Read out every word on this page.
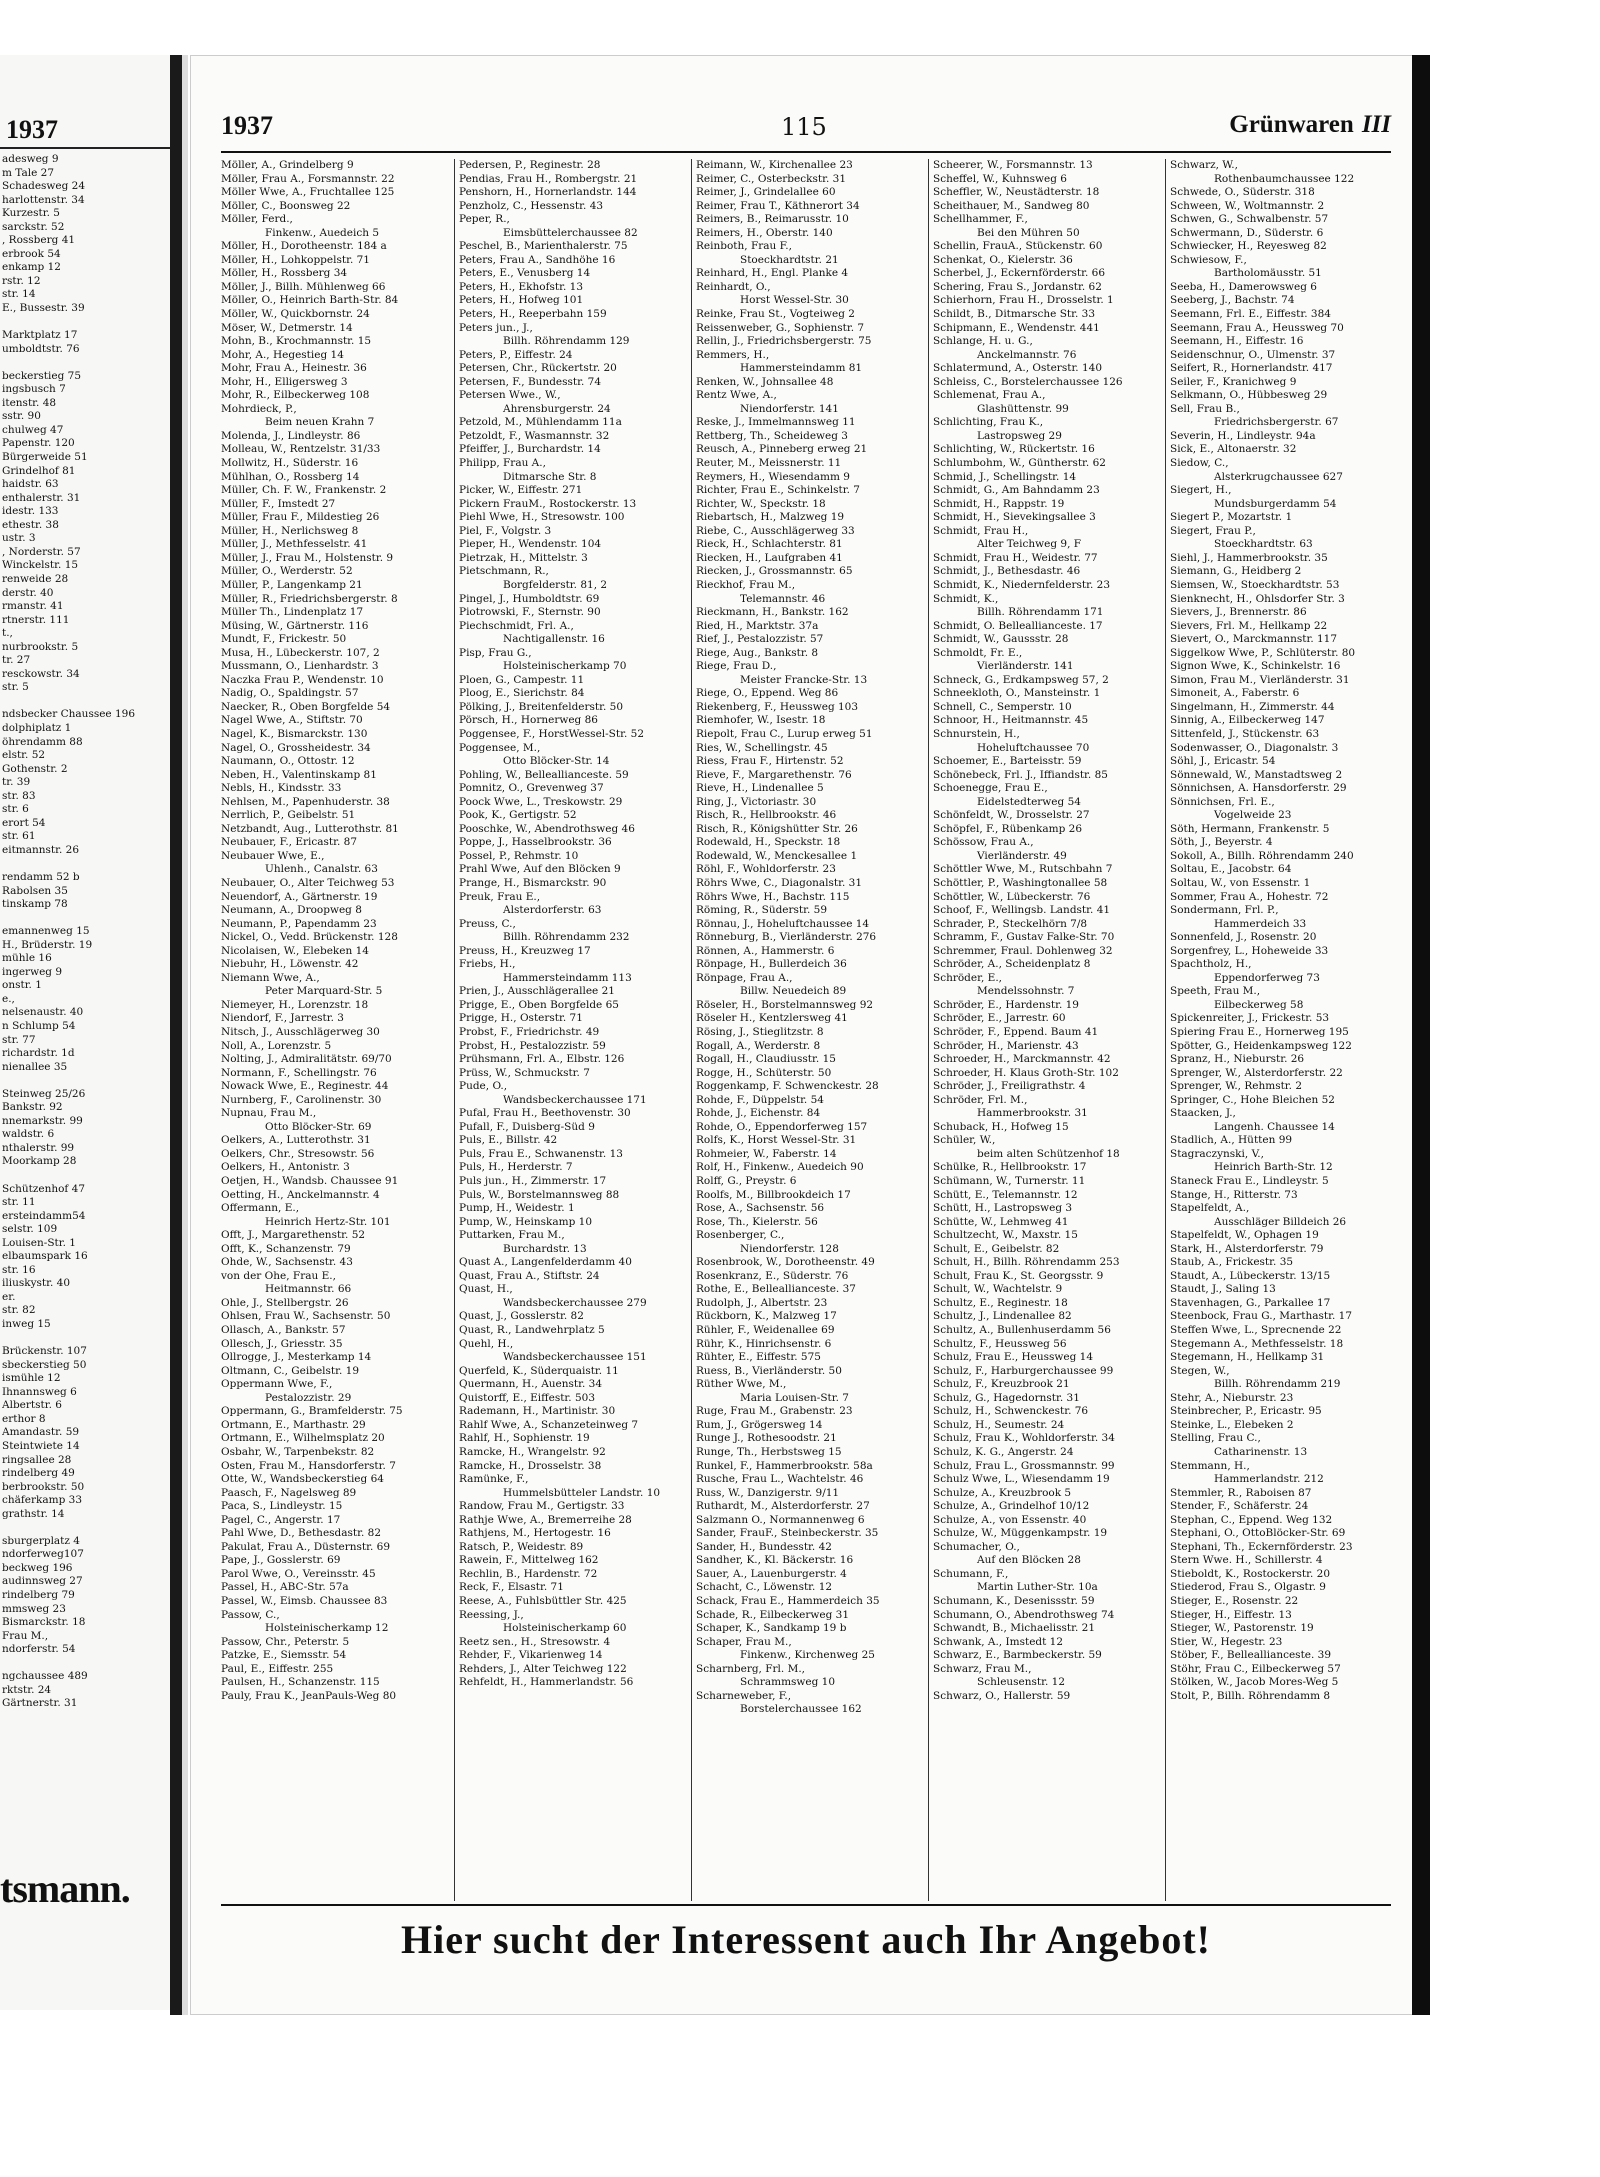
1937
adesweg 9
m Tale 27
Schadesweg 24
harlottenstr. 34
Kurzestr. 5
sarckstr. 52
, Rossberg 41
erbrook 54
enkamp 12
rstr. 12
str. 14
E., Bussestr. 39
Marktplatz 17
umboldtstr. 76
beckerstieg 75
ingsbusch 7
itenstr. 48
sstr. 90
chulweg 47
Papenstr. 120
Bürgerweide 51
Grindelhof 81
haidstr. 63
enthalerstr. 31
idestr. 133
ethestr. 38
ustr. 3
, Norderstr. 57
Winckelstr. 15
renweide 28
derstr. 40
rmanstr. 41
rtnerstr. 111
t.,
nurbrookstr. 5
tr. 27
resckowstr. 34
str. 5
ndsbecker Chaussee 196
dolphiplatz 1
öhrendamm 88
elstr. 52
Gothenstr. 2
tr. 39
str. 83
str. 6
erort 54
str. 61
eitmannstr. 26
rendamm 52 b
Rabolsen 35
tinskamp 78
emannenweg 15
H., Brüderstr. 19
mühle 16
ingerweg 9
onstr. 1
e.,
nelsenaustr. 40
n Schlump 54
str. 77
richardstr. 1d
nienallee 35
Steinweg 25/26
Bankstr. 92
nnemarkstr. 99
waldstr. 6
nthalerstr. 99
Moorkamp 28
Schützenhof 47
str. 11
ersteindamm54
selstr. 109
Louisen-Str. 1
elbaumspark 16
str. 16
iliuskystr. 40
er.
str. 82
inweg 15
Brückenstr. 107
sbeckerstieg 50
ismühle 12
Ihnannsweg 6
Albertstr. 6
erthor 8
Amandastr. 59
Steintwiete 14
ringsallee 28
rindelberg 49
berbrookstr. 50
chäferkamp 33
grathstr. 14
sburgerplatz 4
ndorferweg107
beckweg 196
audinnsweg 27
rindelberg 79
mmsweg 23
Bismarckstr. 18
Frau M.,
ndorferstr. 54
ngchaussee 489
rktstr. 24
Gärtnerstr. 31
tsmann.
1937	115	Grünwaren III
Möller, A., Grindelberg 9
Möller, Frau A., Forsmannstr. 22
Möller Wwe, A., Fruchtallee 125
Möller, C., Boonsweg 22
Möller, Ferd.,
Finkenw., Auedeich 5
Möller, H., Dorotheenstr. 184 a
Möller, H., Lohkoppelstr. 71
Möller, H., Rossberg 34
Möller, J., Billh. Mühlenweg 66
Möller, O., Heinrich Barth-Str. 84
Möller, W., Quickbornstr. 24
Möser, W., Detmerstr. 14
Mohn, B., Krochmannstr. 15
Mohr, A., Hegestieg 14
Mohr, Frau A., Heinestr. 36
Mohr, H., Elligersweg 3
Mohr, R., Eilbeckerweg 108
Mohrdieck, P.,
Beim neuen Krahn 7
Molenda, J., Lindleystr. 86
Molleau, W., Rentzelstr. 31/33
Mollwitz, H., Süderstr. 16
Mühlhan, O., Rossberg 14
Müller, Ch. F. W., Frankenstr. 2
Müller, F., Imstedt 27
Müller, Frau F., Mildestieg 26
Müller, H., Nerlichsweg 8
Müller, J., Methfesselstr. 41
Müller, J., Frau M., Holstenstr. 9
Müller, O., Werderstr. 52
Müller, P., Langenkamp 21
Müller, R., Friedrichsbergerstr. 8
Müller Th., Lindenplatz 17
Müsing, W., Gärtnerstr. 116
Mundt, F., Frickestr. 50
Musa, H., Lübeckerstr. 107, 2
Mussmann, O., Lienhardstr. 3
Naczka Frau P., Wendenstr. 10
Nadig, O., Spaldingstr. 57
Naecker, R., Oben Borgfelde 54
Nagel Wwe, A., Stiftstr. 70
Nagel, K., Bismarckstr. 130
Nagel, O., Grossheidestr. 34
Naumann, O., Ottostr. 12
Neben, H., Valentinskamp 81
Nebls, H., Kindsstr. 33
Nehlsen, M., Papenhuderstr. 38
Nerrlich, P., Geibelstr. 51
Netzbandt, Aug., Lutterothstr. 81
Neubauer, F., Ericastr. 87
Neubauer Wwe, E.,
Uhlenh., Canalstr. 63
Neubauer, O., Alter Teichweg 53
Neuendorf, A., Gärtnerstr. 19
Neumann, A., Droopweg 8
Neumann, P., Papendamm 23
Nickel, O., Vedd. Brückenstr. 128
Nicolaisen, W., Elebeken 14
Niebuhr, H., Löwenstr. 42
Niemann Wwe, A.,
Peter Marquard-Str. 5
Niemeyer, H., Lorenzstr. 18
Niendorf, F., Jarrestr. 3
Nitsch, J., Ausschlägerweg 30
Noll, A., Lorenzstr. 5
Nolting, J., Admiralitätstr. 69/70
Normann, F., Schellingstr. 76
Nowack Wwe, E., Reginestr. 44
Nurnberg, F., Carolinenstr. 30
Nupnau, Frau M.,
Otto Blöcker-Str. 69
Oelkers, A., Lutterothstr. 31
Oelkers, Chr., Stresowstr. 56
Oelkers, H., Antonistr. 3
Oetjen, H., Wandsb. Chaussee 91
Oetting, H., Anckelmannstr. 4
Offermann, E.,
Heinrich Hertz-Str. 101
Offt, J., Margarethenstr. 52
Offt, K., Schanzenstr. 79
Ohde, W., Sachsenstr. 43
von der Ohe, Frau E.,
Heitmannstr. 66
Ohle, J., Stellbergstr. 26
Ohlsen, Frau W., Sachsenstr. 50
Ollasch, A., Bankstr. 57
Ollesch, J., Griesstr. 35
Ollrogge, J., Mesterkamp 14
Oltmann, C., Geibelstr. 19
Oppermann Wwe, F.,
Pestalozzistr. 29
Oppermann, G., Bramfelderstr. 75
Ortmann, E., Marthastr. 29
Ortmann, E., Wilhelmsplatz 20
Osbahr, W., Tarpenbekstr. 82
Osten, Frau M., Hansdorferstr. 7
Otte, W., Wandsbeckerstieg 64
Paasch, F., Nagelsweg 89
Paca, S., Lindleystr. 15
Pagel, C., Angerstr. 17
Pahl Wwe, D., Bethesdastr. 82
Pakulat, Frau A., Düsternstr. 69
Pape, J., Gosslerstr. 69
Parol Wwe, O., Vereinsstr. 45
Passel, H., ABC-Str. 57a
Passel, W., Eimsb. Chaussee 83
Passow, C.,
Holsteinischerkamp 12
Passow, Chr., Peterstr. 5
Patzke, E., Siemsstr. 54
Paul, E., Eiffestr. 255
Paulsen, H., Schanzenstr. 115
Pauly, Frau K., JeanPauls-Weg 80
Pedersen, P., Reginestr. 28
Pendias, Frau H., Rombergstr. 21
Penshorn, H., Hornerlandstr. 144
Penzholz, C., Hessenstr. 43
Peper, R.,
Eimsbüttelerchaussee 82
Peschel, B., Marienthalerstr. 75
Peters, Frau A., Sandhöhe 16
Peters, E., Venusberg 14
Peters, H., Ekhofstr. 13
Peters, H., Hofweg 101
Peters, H., Reeperbahn 159
Peters jun., J.,
Billh. Röhrendamm 129
Peters, P., Eiffestr. 24
Petersen, Chr., Rückertstr. 20
Petersen, F., Bundesstr. 74
Petersen Wwe., W.,
Ahrensburgerstr. 24
Petzold, M., Mühlendamm 11a
Petzoldt, F., Wasmannstr. 32
Pfeiffer, J., Burchardstr. 14
Philipp, Frau A.,
Ditmarsche Str. 8
Picker, W., Eiffestr. 271
Pickern FrauM., Rostockerstr. 13
Piehl Wwe, H., Stresowstr. 100
Piel, F., Volgstr. 3
Pieper, H., Wendenstr. 104
Pietrzak, H., Mittelstr. 3
Pietschmann, R.,
Borgfelderstr. 81, 2
Pingel, J., Humboldtstr. 69
Piotrowski, F., Sternstr. 90
Piechschmidt, Frl. A.,
Nachtigallenstr. 16
Pisp, Frau G.,
Holsteinischerkamp 70
Ploen, G., Campestr. 11
Ploog, E., Sierichstr. 84
Pölking, J., Breitenfelderstr. 50
Pörsch, H., Hornerweg 86
Poggensee, F., HorstWessel-Str. 52
Poggensee, M.,
Otto Blöcker-Str. 14
Pohling, W., Belleallianceste. 59
Pomnitz, O., Grevenweg 37
Poock Wwe, L., Treskowstr. 29
Pook, K., Gertigstr. 52
Pooschke, W., Abendrothsweg 46
Poppe, J., Hasselbrookstr. 36
Possel, P., Rehmstr. 10
Prahl Wwe, Auf den Blöcken 9
Prange, H., Bismarckstr. 90
Preuk, Frau E.,
Alsterdorferstr. 63
Preuss, C.,
Billh. Röhrendamm 232
Preuss, H., Kreuzweg 17
Friebs, H.,
Hammersteindamm 113
Prien, J., Ausschlägerallee 21
Prigge, E., Oben Borgfelde 65
Prigge, H., Osterstr. 71
Probst, F., Friedrichstr. 49
Probst, H., Pestalozzistr. 59
Prühsmann, Frl. A., Elbstr. 126
Prüss, W., Schmuckstr. 7
Pude, O.,
Wandsbeckerchaussee 171
Pufal, Frau H., Beethovenstr. 30
Pufall, F., Duisberg-Süd 9
Puls, E., Billstr. 42
Puls, Frau E., Schwanenstr. 13
Puls, H., Herderstr. 7
Puls jun., H., Zimmerstr. 17
Puls, W., Borstelmannsweg 88
Pump, H., Weidestr. 1
Pump, W., Heinskamp 10
Puttarken, Frau M.,
Burchardstr. 13
Quast A., Langenfelderdamm 40
Quast, Frau A., Stiftstr. 24
Quast, H.,
Wandsbeckerchaussee 279
Quast, J., Gosslerstr. 82
Quast, R., Landwehrplatz 5
Quehl, H.,
Wandsbeckerchaussee 151
Querfeld, K., Süderquaistr. 11
Quermann, H., Auenstr. 34
Quistorff, E., Eiffestr. 503
Rademann, H., Martinistr. 30
Rahlf Wwe, A., Schanzeteinweg 7
Rahlf, H., Sophienstr. 19
Ramcke, H., Wrangelstr. 92
Ramcke, H., Drosselstr. 38
Ramünke, F.,
Hummelsbütteler Landstr. 10
Randow, Frau M., Gertigstr. 33
Rathje Wwe, A., Bremerreihe 28
Rathjens, M., Hertogestr. 16
Ratsch, P., Weidestr. 89
Rawein, F., Mittelweg 162
Rechlin, B., Hardenstr. 72
Reck, F., Elsastr. 71
Reese, A., Fuhlsbüttler Str. 425
Reessing, J.,
Holsteinischerkamp 60
Reetz sen., H., Stresowstr. 4
Rehder, F., Vikarienweg 14
Rehders, J., Alter Teichweg 122
Rehfeldt, H., Hammerlandstr. 56
Reimann, W., Kirchenallee 23
Reimer, C., Osterbeckstr. 31
Reimer, J., Grindelallee 60
Reimer, Frau T., Käthnerort 34
Reimers, B., Reimarusstr. 10
Reimers, H., Oberstr. 140
Reinboth, Frau F.,
Stoeckhardtstr. 21
Reinhard, H., Engl. Planke 4
Reinhardt, O.,
Horst Wessel-Str. 30
Reinke, Frau St., Vogteiweg 2
Reissenweber, G., Sophienstr. 7
Rellin, J., Friedrichsbergerstr. 75
Remmers, H.,
Hammersteindamm 81
Renken, W., Johnsallee 48
Rentz Wwe, A.,
Niendorferstr. 141
Reske, J., Immelmannsweg 11
Rettberg, Th., Scheideweg 3
Reusch, A., Pinneberg erweg 21
Reuter, M., Meissnerstr. 11
Reymers, H., Wiesendamm 9
Richter, Frau E., Schinkelstr. 7
Richter, W., Speckstr. 18
Riebartsch, H., Malzweg 19
Riebe, C., Ausschlägerweg 33
Rieck, H., Schlachterstr. 81
Riecken, H., Laufgraben 41
Riecken, J., Grossmannstr. 65
Rieckhof, Frau M.,
Telemannstr. 46
Rieckmann, H., Bankstr. 162
Ried, H., Marktstr. 37a
Rief, J., Pestalozzistr. 57
Riege, Aug., Bankstr. 8
Riege, Frau D.,
Meister Francke-Str. 13
Riege, O., Eppend. Weg 86
Riekenberg, F., Heussweg 103
Riemhofer, W., Isestr. 18
Riepolt, Frau C., Lurup erweg 51
Ries, W., Schellingstr. 45
Riess, Frau F., Hirtenstr. 52
Rieve, F., Margarethenstr. 76
Rieve, H., Lindenallee 5
Ring, J., Victoriastr. 30
Risch, R., Hellbrookstr. 46
Risch, R., Königshütter Str. 26
Rodewald, H., Speckstr. 18
Rodewald, W., Menckesallee 1
Röhl, F., Wohldorferstr. 23
Röhrs Wwe, C., Diagonalstr. 31
Röhrs Wwe, H., Bachstr. 115
Röming, R., Süderstr. 59
Rönnau, J., Hoheluftchaussee 14
Rönneburg, B., Vierländerstr. 276
Rönnen, A., Hammerstr. 6
Rönpage, H., Bullerdeich 36
Rönpage, Frau A.,
Billw. Neuedeich 89
Röseler, H., Borstelmannsweg 92
Röseler H., Kentzlersweg 41
Rösing, J., Stieglitzstr. 8
Rogall, A., Werderstr. 8
Rogall, H., Claudiusstr. 15
Rogge, H., Schüterstr. 50
Roggenkamp, F. Schwenckestr. 28
Rohde, F., Düppelstr. 54
Rohde, J., Eichenstr. 84
Rohde, O., Eppendorferweg 157
Rolfs, K., Horst Wessel-Str. 31
Rohmeier, W., Faberstr. 14
Rolf, H., Finkenw., Auedeich 90
Rolff, G., Preystr. 6
Roolfs, M., Billbrookdeich 17
Rose, A., Sachsenstr. 56
Rose, Th., Kielerstr. 56
Rosenberger, C.,
Niendorferstr. 128
Rosenbrook, W., Dorotheenstr. 49
Rosenkranz, E., Süderstr. 76
Rothe, E., Belleallianceste. 37
Rudolph, J., Albertstr. 23
Rückborn, K., Malzweg 17
Rühler, F., Weidenallee 69
Rühr, K., Hinrichsenstr. 6
Rühter, E., Eiffestr. 575
Ruess, B., Vierländerstr. 50
Rüther Wwe, M.,
Maria Louisen-Str. 7
Ruge, Frau M., Grabenstr. 23
Rum, J., Grögersweg 14
Runge J., Rothesoodstr. 21
Runge, Th., Herbstsweg 15
Runkel, F., Hammerbrookstr. 58a
Rusche, Frau L., Wachtelstr. 46
Russ, W., Danzigerstr. 9/11
Ruthardt, M., Alsterdorferstr. 27
Salzmann O., Normannenweg 6
Sander, FrauF., Steinbeckerstr. 35
Sander, H., Bundesstr. 42
Sandher, K., Kl. Bäckerstr. 16
Sauer, A., Lauenburgerstr. 4
Schacht, C., Löwenstr. 12
Schack, Frau E., Hammerdeich 35
Schade, R., Eilbeckerweg 31
Schaper, K., Sandkamp 19 b
Schaper, Frau M.,
Finkenw., Kirchenweg 25
Scharnberg, Frl. M.,
Schrammsweg 10
Scharneweber, F.,
Borstelerchaussee 162
Scheerer, W., Forsmannstr. 13
Scheffel, W., Kuhnsweg 6
Scheffler, W., Neustädterstr. 18
Scheithauer, M., Sandweg 80
Schellhammer, F.,
Bei den Mühren 50
Schellin, FrauA., Stückenstr. 60
Schenkat, O., Kielerstr. 36
Scherbel, J., Eckernförderstr. 66
Schering, Frau S., Jordanstr. 62
Schierhorn, Frau H., Drosselstr. 1
Schildt, B., Ditmarsche Str. 33
Schipmann, E., Wendenstr. 441
Schlange, H. u. G.,
Anckelmannstr. 76
Schlatermund, A., Osterstr. 140
Schleiss, C., Borstelerchaussee 126
Schlemenat, Frau A.,
Glashüttenstr. 99
Schlichting, Frau K.,
Lastropsweg 29
Schlichting, W., Rückertstr. 16
Schlumbohm, W., Güntherstr. 62
Schmid, J., Schellingstr. 14
Schmidt, G., Am Bahndamm 23
Schmidt, H., Rappstr. 19
Schmidt, H., Sievekingsallee 3
Schmidt, Frau H.,
Alter Teichweg 9, F
Schmidt, Frau H., Weidestr. 77
Schmidt, J., Bethesdastr. 46
Schmidt, K., Niedernfelderstr. 23
Schmidt, K.,
Billh. Röhrendamm 171
Schmidt, O. Belleallianceste. 17
Schmidt, W., Gaussstr. 28
Schmoldt, Fr. E.,
Vierländerstr. 141
Schneck, G., Erdkampsweg 57, 2
Schneekloth, O., Mansteinstr. 1
Schnell, C., Semperstr. 10
Schnoor, H., Heitmannstr. 45
Schnurstein, H.,
Hoheluftchaussee 70
Schoemer, E., Barteisstr. 59
Schönebeck, Frl. J., Iffiandstr. 85
Schoenegge, Frau E.,
Eidelstedterweg 54
Schönfeldt, W., Drosselstr. 27
Schöpfel, F., Rübenkamp 26
Schössow, Frau A.,
Vierländerstr. 49
Schöttler Wwe, M., Rutschbahn 7
Schöttler, P., Washingtonallee 58
Schöttler, W., Lübeckerstr. 76
Schoof, F., Wellingsb. Landstr. 41
Schrader, P., Steckelhörn 7/8
Schramm, F., Gustav Falke-Str. 70
Schremmer, Fraul. Dohlenweg 32
Schröder, A., Scheidenplatz 8
Schröder, E.,
Mendelssohnstr. 7
Schröder, E., Hardenstr. 19
Schröder, E., Jarrestr. 60
Schröder, F., Eppend. Baum 41
Schröder, H., Marienstr. 43
Schroeder, H., Marckmannstr. 42
Schroeder, H. Klaus Groth-Str. 102
Schröder, J., Freiligrathstr. 4
Schröder, Frl. M.,
Hammerbrookstr. 31
Schuback, H., Hofweg 15
Schüler, W.,
beim alten Schützenhof 18
Schülke, R., Hellbrookstr. 17
Schümann, W., Turnerstr. 11
Schütt, E., Telemannstr. 12
Schütt, H., Lastropsweg 3
Schütte, W., Lehmweg 41
Schultzecht, W., Maxstr. 15
Schult, E., Geibelstr. 82
Schult, H., Billh. Röhrendamm 253
Schult, Frau K., St. Georgsstr. 9
Schult, W., Wachtelstr. 9
Schultz, E., Reginestr. 18
Schultz, J., Lindenallee 82
Schultz, A., Bullenhuserdamm 56
Schultz, F., Heussweg 56
Schulz, Frau E., Heussweg 14
Schulz, F., Harburgerchaussee 99
Schulz, F., Kreuzbrook 21
Schulz, G., Hagedornstr. 31
Schulz, H., Schwenckestr. 76
Schulz, H., Seumestr. 24
Schulz, Frau K., Wohldorferstr. 34
Schulz, K. G., Angerstr. 24
Schulz, Frau L., Grossmannstr. 99
Schulz Wwe, L., Wiesendamm 19
Schulze, A., Kreuzbrook 5
Schulze, A., Grindelhof 10/12
Schulze, A., von Essenstr. 40
Schulze, W., Müggenkampstr. 19
Schumacher, O.,
Auf den Blöcken 28
Schumann, F.,
Martin Luther-Str. 10a
Schumann, K., Desenissstr. 59
Schumann, O., Abendrothsweg 74
Schwandt, B., Michaelisstr. 21
Schwank, A., Imstedt 12
Schwarz, E., Barmbeckerstr. 59
Schwarz, Frau M.,
Schleusenstr. 12
Schwarz, O., Hallerstr. 59
Schwarz, W.,
Rothenbaumchaussee 122
Schwede, O., Süderstr. 318
Schween, W., Woltmannstr. 2
Schwen, G., Schwalbenstr. 57
Schwermann, D., Süderstr. 6
Schwiecker, H., Reyesweg 82
Schwiesow, F.,
Bartholomäusstr. 51
Seeba, H., Damerowsweg 6
Seeberg, J., Bachstr. 74
Seemann, Frl. E., Eiffestr. 384
Seemann, Frau A., Heussweg 70
Seemann, H., Eiffestr. 16
Seidenschnur, O., Ulmenstr. 37
Seifert, R., Hornerlandstr. 417
Seiler, F., Kranichweg 9
Selkmann, O., Hübbesweg 29
Sell, Frau B.,
Friedrichsbergerstr. 67
Severin, H., Lindleystr. 94a
Sick, E., Altonaerstr. 32
Siedow, C.,
Alsterkrugchaussee 627
Siegert, H.,
Mundsburgerdamm 54
Siegert P., Mozartstr. 1
Siegert, Frau P.,
Stoeckhardtstr. 63
Siehl, J., Hammerbrookstr. 35
Siemann, G., Heidberg 2
Siemsen, W., Stoeckhardtstr. 53
Sienknecht, H., Ohlsdorfer Str. 3
Sievers, J., Brennerstr. 86
Sievers, Frl. M., Hellkamp 22
Sievert, O., Marckmannstr. 117
Siggelkow Wwe, P., Schlüterstr. 80
Signon Wwe, K., Schinkelstr. 16
Simon, Frau M., Vierländerstr. 31
Simoneit, A., Faberstr. 6
Singelmann, H., Zimmerstr. 44
Sinnig, A., Eilbeckerweg 147
Sittenfeld, J., Stückenstr. 63
Sodenwasser, O., Diagonalstr. 3
Söhl, J., Ericastr. 54
Sönnewald, W., Manstadtsweg 2
Sönnichsen, A. Hansdorferstr. 29
Sönnichsen, Frl. E.,
Vogelweide 23
Söth, Hermann, Frankenstr. 5
Söth, J., Beyerstr. 4
Sokoll, A., Billh. Röhrendamm 240
Soltau, E., Jacobstr. 64
Soltau, W., von Essenstr. 1
Sommer, Frau A., Hohestr. 72
Sondermann, Frl. P.,
Hammerdeich 33
Sonnenfeld, J., Rosenstr. 20
Sorgenfrey, L., Hoheweide 33
Spachtholz, H.,
Eppendorferweg 73
Speeth, Frau M.,
Eilbeckerweg 58
Spickenreiter, J., Frickestr. 53
Spiering Frau E., Hornerweg 195
Spötter, G., Heidenkampsweg 122
Spranz, H., Nieburstr. 26
Sprenger, W., Alsterdorferstr. 22
Sprenger, W., Rehmstr. 2
Springer, C., Hohe Bleichen 52
Staacken, J.,
Langenh. Chaussee 14
Stadlich, A., Hütten 99
Stagraczynski, V.,
Heinrich Barth-Str. 12
Staneck Frau E., Lindleystr. 5
Stange, H., Ritterstr. 73
Stapelfeldt, A.,
Ausschläger Billdeich 26
Stapelfeldt, W., Ophagen 19
Stark, H., Alsterdorferstr. 79
Staub, A., Frickestr. 35
Staudt, A., Lübeckerstr. 13/15
Staudt, J., Saling 13
Stavenhagen, G., Parkallee 17
Steenbock, Frau G., Marthastr. 17
Steffen Wwe, L., Sprecnende 22
Stegemann A., Methfesselstr. 18
Stegemann, H., Hellkamp 31
Stegen, W.,
Billh. Röhrendamm 219
Stehr, A., Nieburstr. 23
Steinbrecher, P., Ericastr. 95
Steinke, L., Elebeken 2
Stelling, Frau C.,
Catharinenstr. 13
Stemmann, H.,
Hammerlandstr. 212
Stemmler, R., Raboisen 87
Stender, F., Schäferstr. 24
Stephan, C., Eppend. Weg 132
Stephani, O., OttoBlöcker-Str. 69
Stephani, Th., Eckernförderstr. 23
Stern Wwe. H., Schillerstr. 4
Stieboldt, K., Rostockerstr. 20
Stiederod, Frau S., Olgastr. 9
Stieger, E., Rosenstr. 22
Stieger, H., Eiffestr. 13
Stieger, W., Pastorenstr. 19
Stier, W., Hegestr. 23
Stöber, F., Belleallianceste. 39
Stöhr, Frau C., Eilbeckerweg 57
Stölken, W., Jacob Mores-Weg 5
Stolt, P., Billh. Röhrendamm 8
Hier sucht der Interessent auch Ihr Angebot!
